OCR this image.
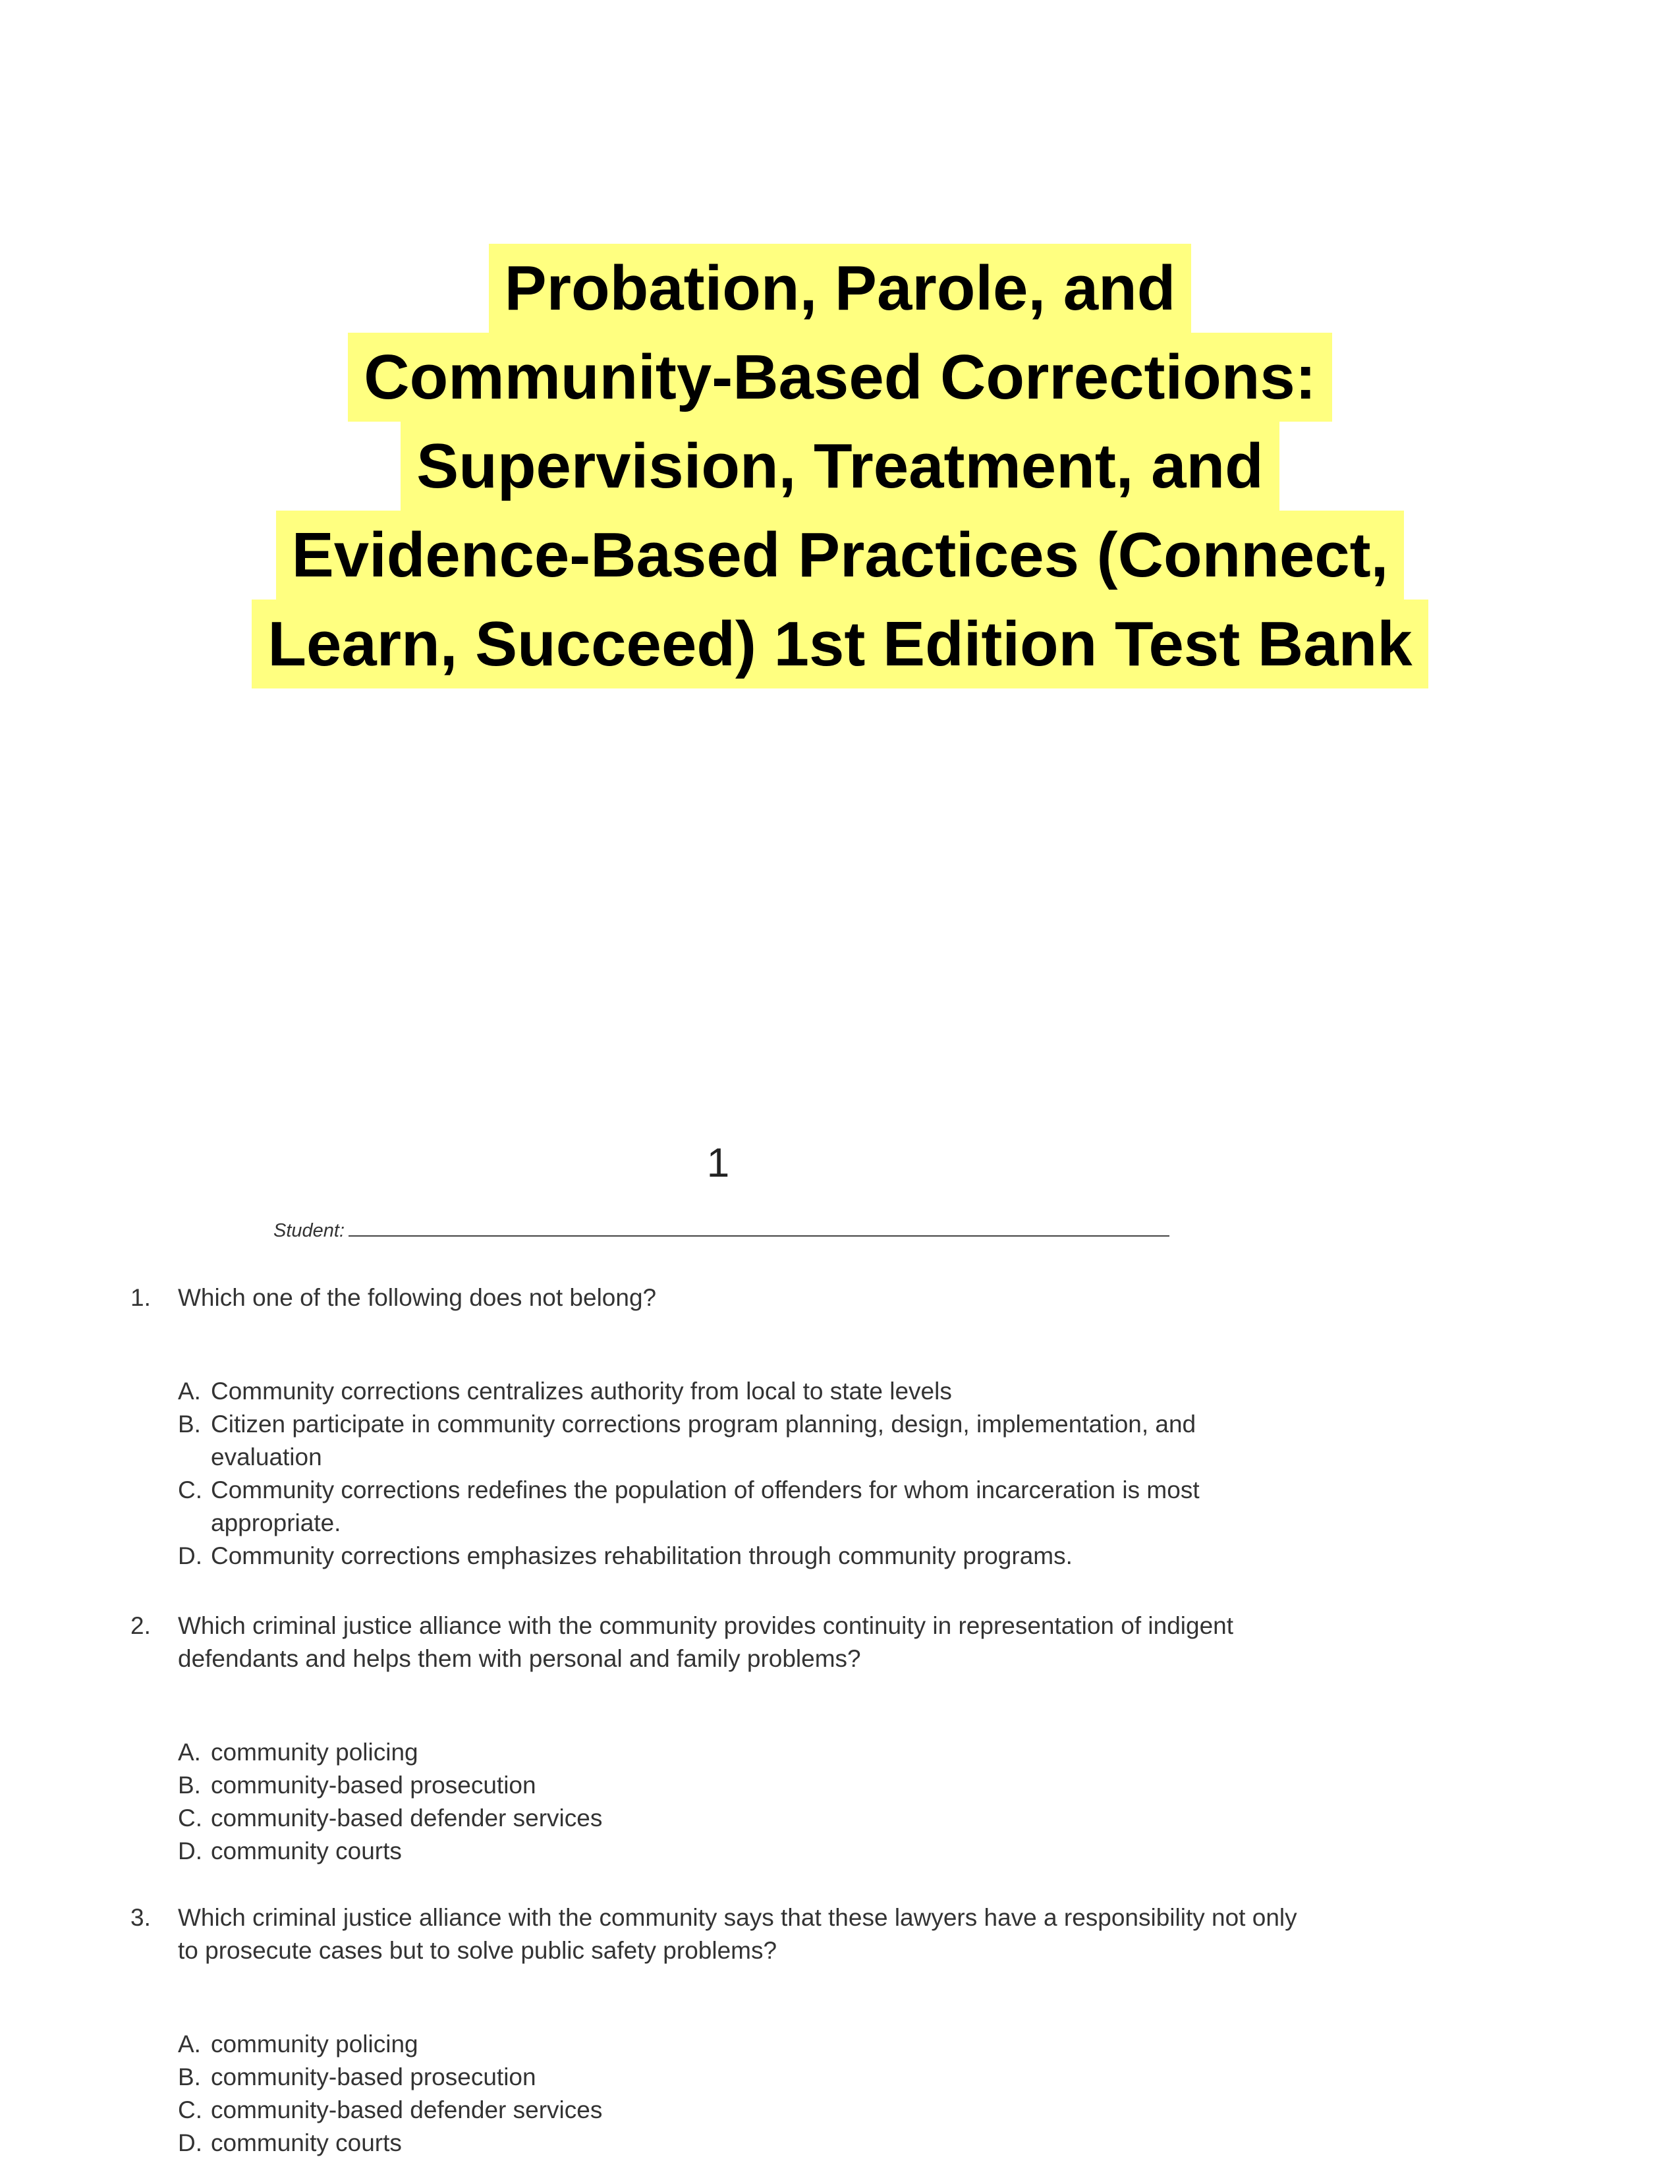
Probation, Parole, and
Community-Based Corrections:
Supervision, Treatment, and
Evidence-Based Practices (Connect,
Learn, Succeed) 1st Edition Test Bank
1
Student:
1.	Which one of the following does not belong?
A. Community corrections centralizes authority from local to state levels
B. Citizen participate in community corrections program planning, design, implementation, and evaluation
C. Community corrections redefines the population of offenders for whom incarceration is most appropriate.
D. Community corrections emphasizes rehabilitation through community programs.
2.	Which criminal justice alliance with the community provides continuity in representation of indigent defendants and helps them with personal and family problems?
A. community policing
B. community-based prosecution
C. community-based defender services
D. community courts
3.	Which criminal justice alliance with the community says that these lawyers have a responsibility not only to prosecute cases but to solve public safety problems?
A. community policing
B. community-based prosecution
C. community-based defender services
D. community courts
